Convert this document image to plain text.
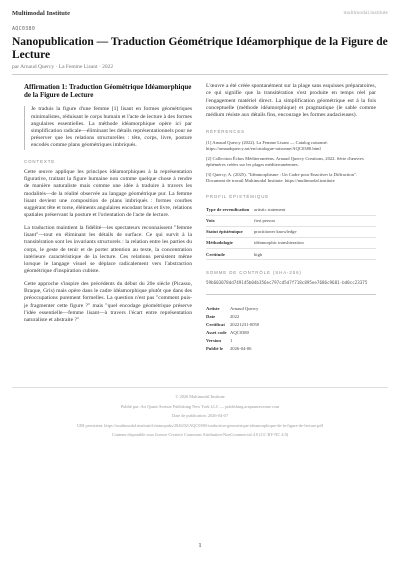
Multimodal Institute	multimodal.institute
AQC0380
Nanopublication — Traduction Géométrique Idéamorphique de la Figure de Lecture
par Arnaud Quercy · La Femme Lisant · 2022
Affirmation 1: Traduction Géométrique Idéamorphique de la Figure de Lecture
Je traduis la figure d'une femme [1] lisant en formes géométriques minimalistes, réduisant le corps humain et l'acte de lecture à des formes angulaires essentielles. La méthode idéamorphique opère ici par simplification radicale—éliminant les détails représentationnels pour ne préserver que les relations structurelles : tête, corps, livre, posture encodés comme plans géométriques imbriqués.
CONTEXTE

Cette œuvre applique les principes idéamorphiques à la représentation figurative, traitant la figure humaine non comme quelque chose à rendre de manière naturaliste mais comme une idée à traduire à travers les modalités—de la réalité observée au langage géométrique pur. La femme lisant devient une composition de plans imbriqués : formes courbes suggérant tête et torse, éléments angulaires encodant bras et livre, relations spatiales préservant la posture et l'orientation de l'acte de lecture.

La traduction maintient la fidélité—les spectateurs reconnaissent "femme lisant"—tout en éliminant les détails de surface. Ce qui survit à la transitération sont les invariants structurels : la relation entre les parties du corps, le geste de tenir et de porter attention au texte, la concentration intérieure caractéristique de la lecture. Ces relations persistent même lorsque le langage visuel se déplace radicalement vers l'abstraction géométrique d'inspiration cubiste.

Cette approche s'inspire des précédents du début du 20e siècle (Picasso, Braque, Gris) mais opère dans le cadre idéamorphique plutôt que dans des préoccupations purement formelles. La question n'est pas "comment puis-je fragmenter cette figure ?" mais "quel encodage géométrique préserve l'idée essentielle—femme lisant—à travers l'écart entre représentation naturaliste et abstraite ?"

L'œuvre a été créée spontanément sur la plage sans esquisses préparatoires, ce qui signifie que la transitération s'est produite en temps réel par l'engagement matériel direct. La simplification géométrique est à la fois conceptuelle (méthode idéamorphique) et pragmatique (le sable comme médium résiste aux détails fins, encourage les formes audacieuses).

RÉFÉRENCES
[1] Arnaud Quercy (2022). La Femme Lisant — Catalog raisonné. https://arnaudquercy.art/en/catalogue-raisonne/AQC0380.html
[2] Collection Échos Méditerranéens. Arnaud Quercy Creations, 2022. Série d'œuvres éphémères créées sur les plages méditerranéennes.
[3] Quercy, A. (2025). "Idéamorphisme : Un Cadre pour Enactiver la Diffraction". Document de travail Multimodal Institute. https://multimodal.institute
PROFIL ÉPISTÉMIQUE
Type de revendication	artistic statement
Voix	first person
Statut épistémique	practitioner knowledge
Méthodologie	idéamorphic transliteration
Certitude	high
SOMME DE CONTRÔLE (SHA-256)
59b603078dd749145b04b356ec797cd5d7f718c895ee7686c9681-bd0cc23375
Artiste	Arnaud Quercy
Date	2022
Certificat	20221231-0050
Asset code	AQC0380
Version	1
Publié le	2026-04-06
© 2026 Multimodal Institute
Publié par: Art Quant Avenue Publishing New York LLC — publishing.artquantavenue.com
Date de publication: 2026-04-07
URI persistent: https://multimodal.institute/fr/nanopubs/2026/02/AQC0380-traduction-geometrique-ideamorphique-de-la-figure-de-lecture.pdf
Contenu disponible sous licence Creative Commons Attribution-NonCommercial 4.0 (CC BY-NC 4.0)
1
